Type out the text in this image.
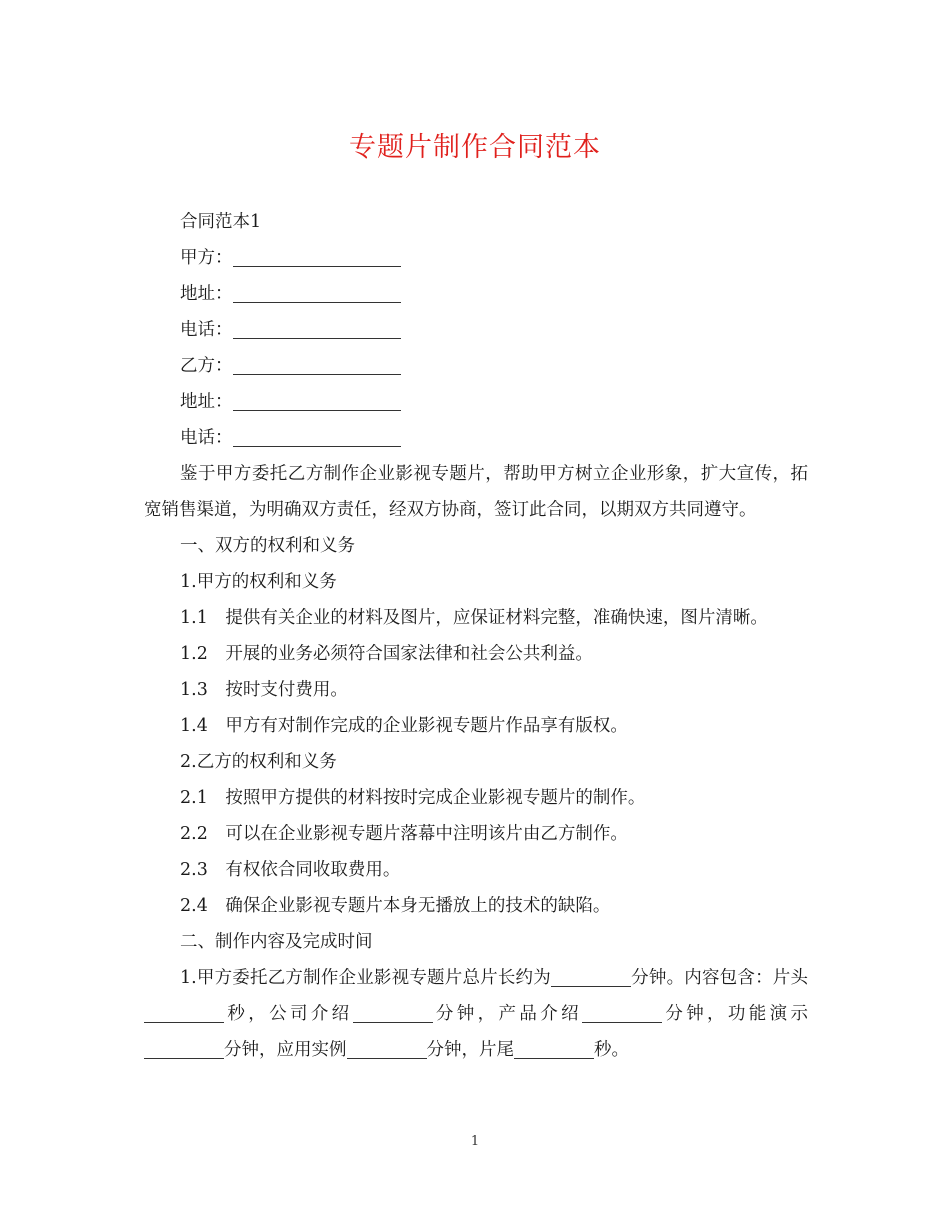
专题片制作合同范本

合同范本1

甲方：

地址：

电话：

乙方：

地址：

电话：

鉴于甲方委托乙方制作企业影视专题片，帮助甲方树立企业形象，扩大宣传，拓宽销售渠道，为明确双方责任，经双方协商，签订此合同，以期双方共同遵守。

一、双方的权利和义务

1.甲方的权利和义务

1.1　提供有关企业的材料及图片，应保证材料完整，准确快速，图片清晰。

1.2　开展的业务必须符合国家法律和社会公共利益。

1.3　按时支付费用。

1.4　甲方有对制作完成的企业影视专题片作品享有版权。

2.乙方的权利和义务

2.1　按照甲方提供的材料按时完成企业影视专题片的制作。

2.2　可以在企业影视专题片落幕中注明该片由乙方制作。

2.3　有权依合同收取费用。

2.4　确保企业影视专题片本身无播放上的技术的缺陷。

二、制作内容及完成时间

1.甲方委托乙方制作企业影视专题片总片长约为	分钟。内容包含：片头秒，公司介绍	分钟，产品介绍	分钟，功能演示分钟，应用实例	分钟，片尾	秒。

1
